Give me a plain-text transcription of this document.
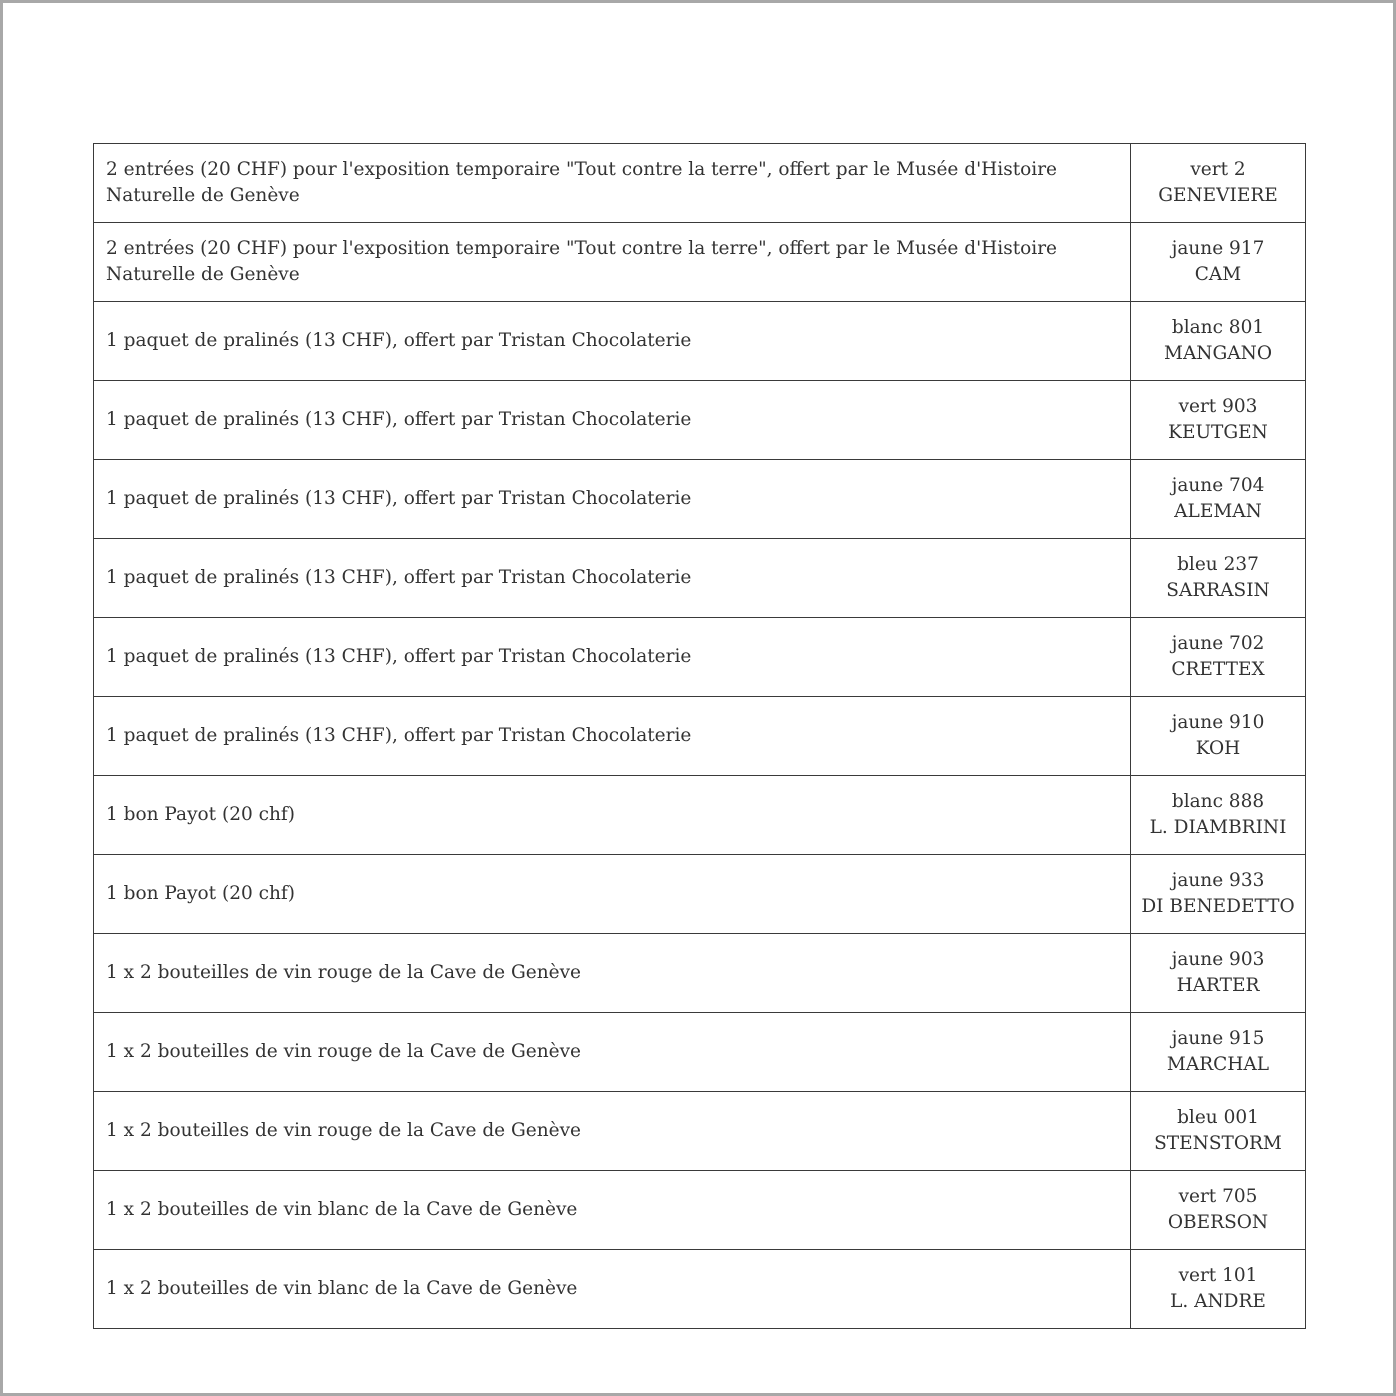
2 entrées (20 CHF) pour l'exposition temporaire "Tout contre la terre", offert par le Musée d'Histoire Naturelle de Genève	vert 2
GENEVIERE

2 entrées (20 CHF) pour l'exposition temporaire "Tout contre la terre", offert par le Musée d'Histoire Naturelle de Genève	jaune 917
CAM

1 paquet de pralinés (13 CHF), offert par Tristan Chocolaterie	blanc 801
MANGANO

1 paquet de pralinés (13 CHF), offert par Tristan Chocolaterie	vert 903
KEUTGEN

1 paquet de pralinés (13 CHF), offert par Tristan Chocolaterie	jaune 704
ALEMAN

1 paquet de pralinés (13 CHF), offert par Tristan Chocolaterie	bleu 237
SARRASIN

1 paquet de pralinés (13 CHF), offert par Tristan Chocolaterie	jaune 702
CRETTEX

1 paquet de pralinés (13 CHF), offert par Tristan Chocolaterie	jaune 910
KOH

1 bon Payot (20 chf)	blanc 888
L. DIAMBRINI

1 bon Payot (20 chf)	jaune 933
DI BENEDETTO

1 x 2 bouteilles de vin rouge de la Cave de Genève	jaune 903
HARTER

1 x 2 bouteilles de vin rouge de la Cave de Genève	jaune 915
MARCHAL

1 x 2 bouteilles de vin rouge de la Cave de Genève	bleu 001
STENSTORM

1 x 2 bouteilles de vin blanc de la Cave de Genève	vert 705
OBERSON

1 x 2 bouteilles de vin blanc de la Cave de Genève	vert 101
L. ANDRE
